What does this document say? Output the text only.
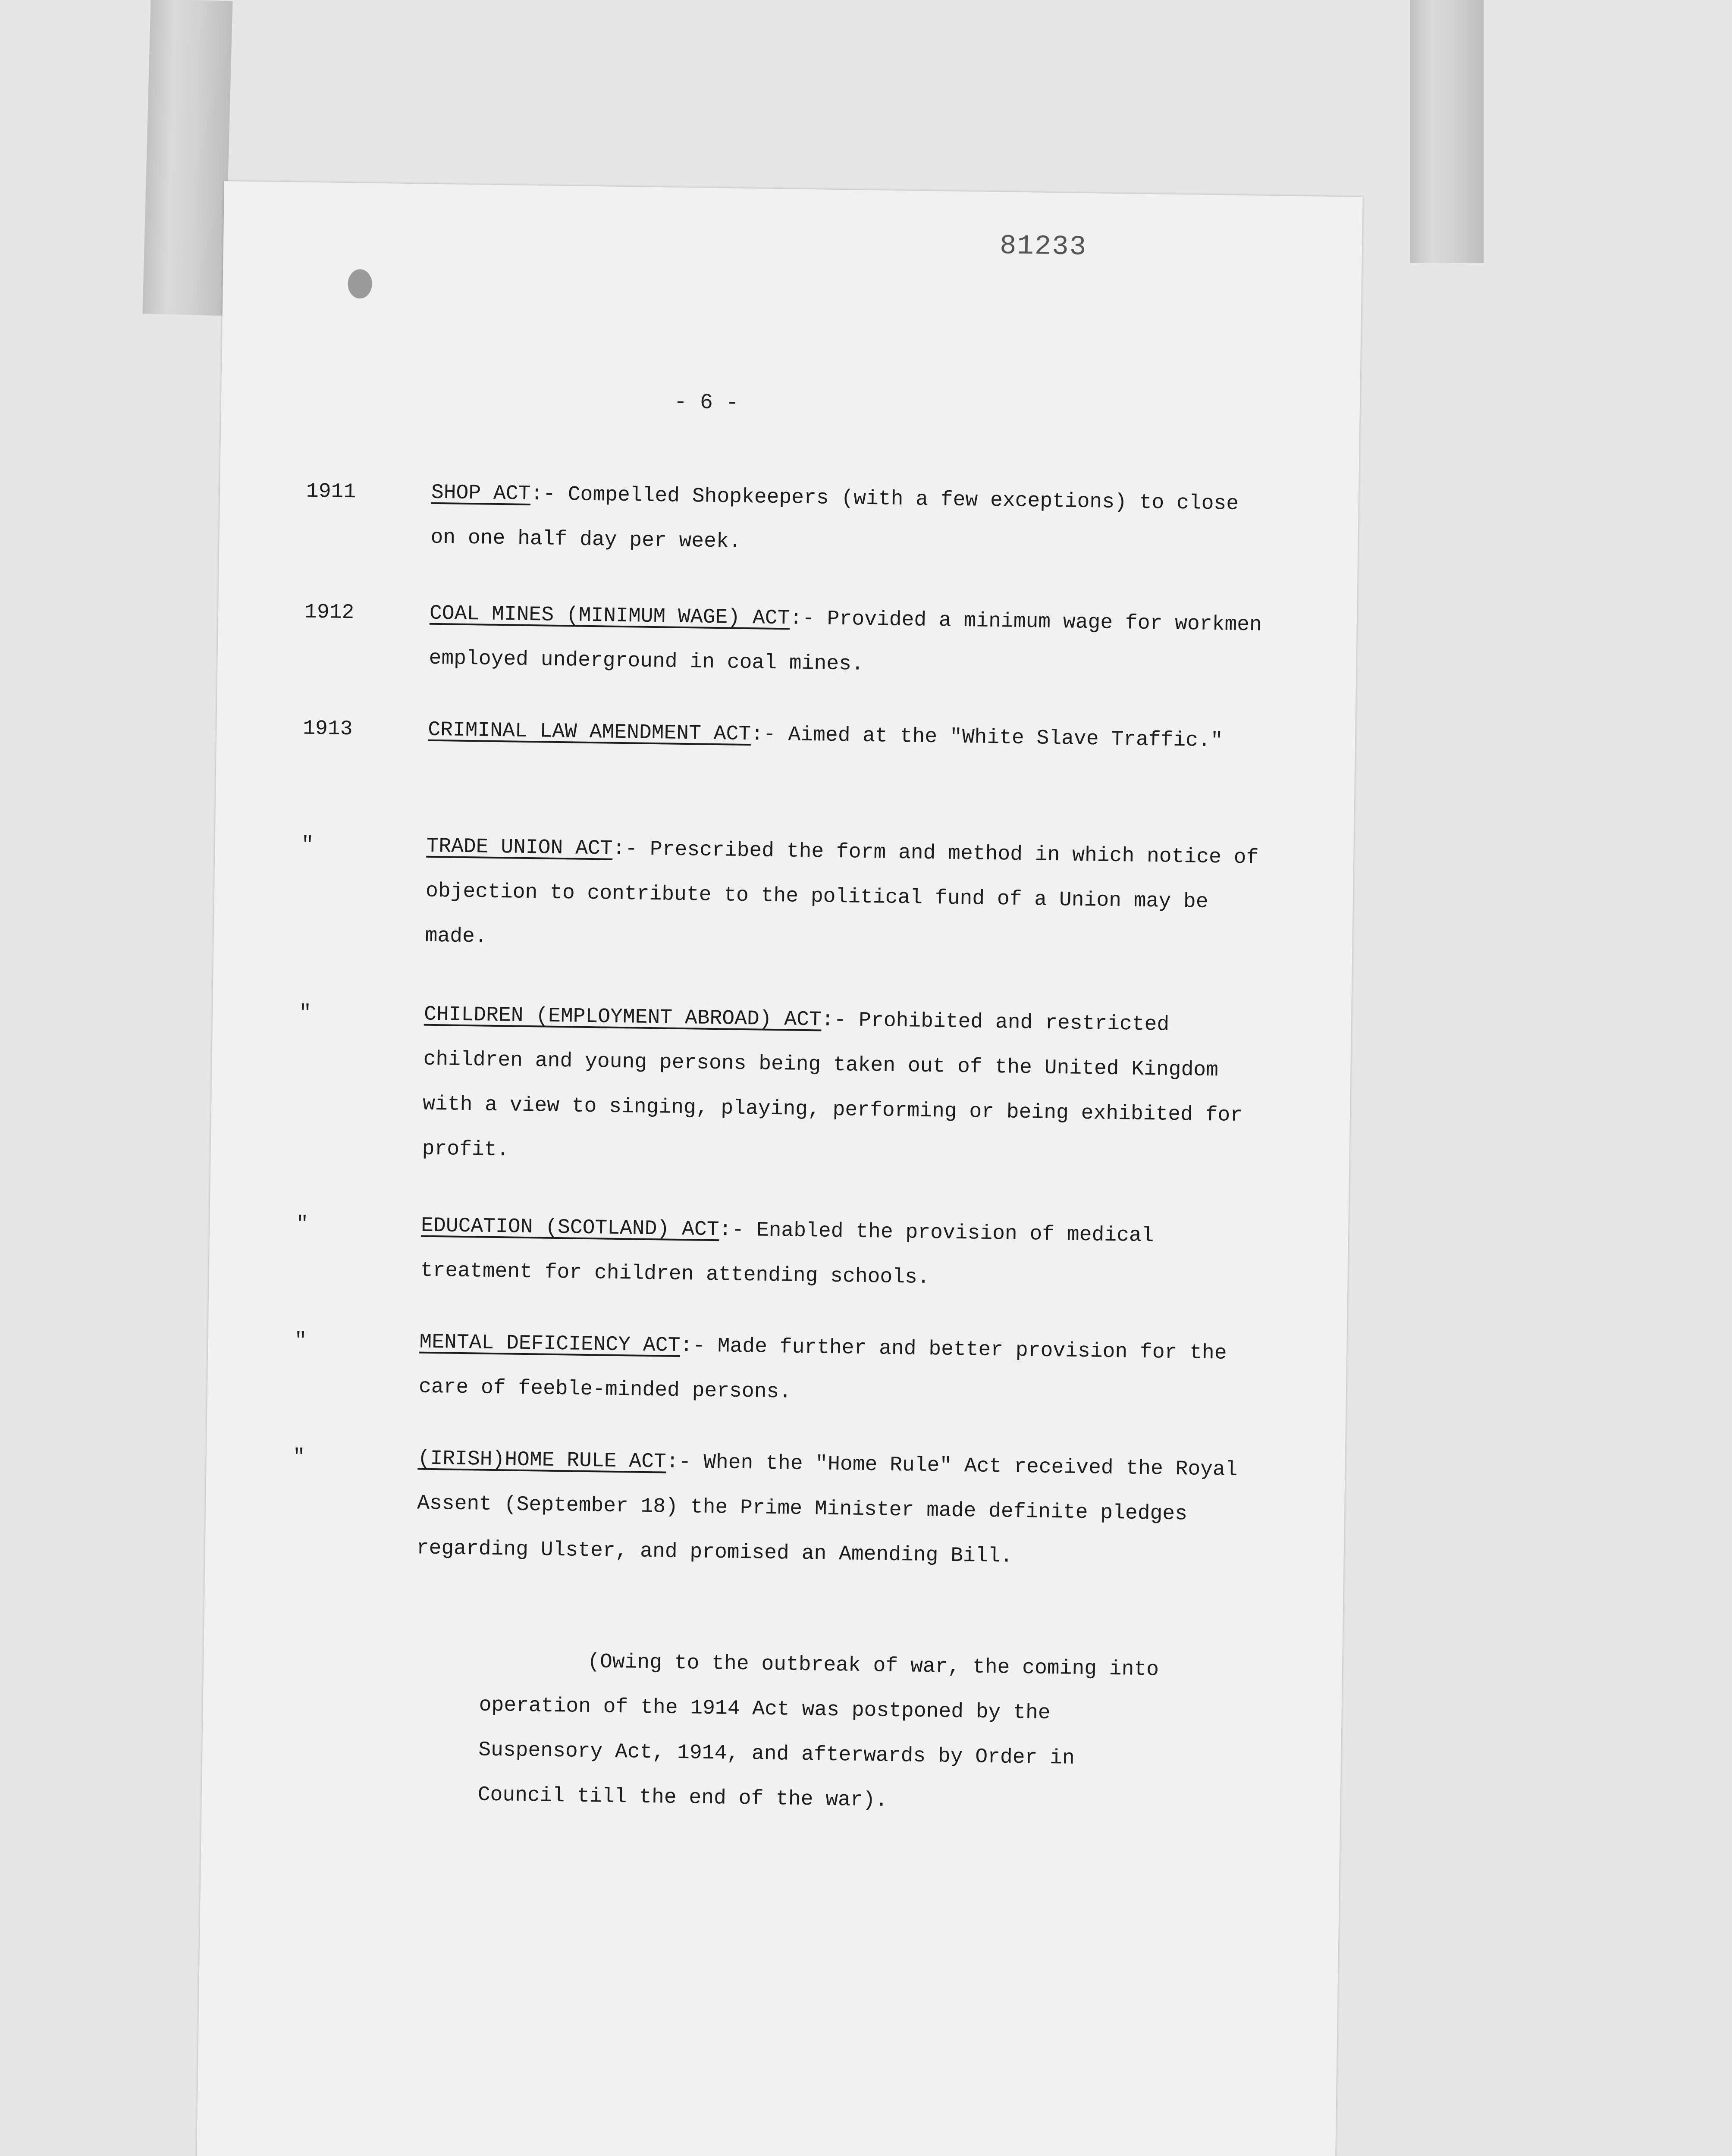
81233
- 6 -
1911	SHOP ACT:- Compelled Shopkeepers (with a few exceptions) to close on one half day per week.
1912	COAL MINES (MINIMUM WAGE) ACT:- Provided a minimum wage for workmen employed underground in coal mines.
1913	CRIMINAL LAW AMENDMENT ACT:- Aimed at the "White Slave Traffic."
"	TRADE UNION ACT:- Prescribed the form and method in which notice of objection to contribute to the political fund of a Union may be made.
"	CHILDREN (EMPLOYMENT ABROAD) ACT:- Prohibited and restricted children and young persons being taken out of the United Kingdom with a view to singing, playing, performing or being exhibited for profit.
"	EDUCATION (SCOTLAND) ACT:- Enabled the provision of medical treatment for children attending schools.
"	MENTAL DEFICIENCY ACT:- Made further and better provision for the care of feeble-minded persons.
"	(IRISH)HOME RULE ACT:- When the "Home Rule" Act received the Royal Assent (September 18) the Prime Minister made definite pledges regarding Ulster, and promised an Amending Bill.
(Owing to the outbreak of war, the coming into operation of the 1914 Act was postponed by the Suspensory Act, 1914, and afterwards by Order in Council till the end of the war).
